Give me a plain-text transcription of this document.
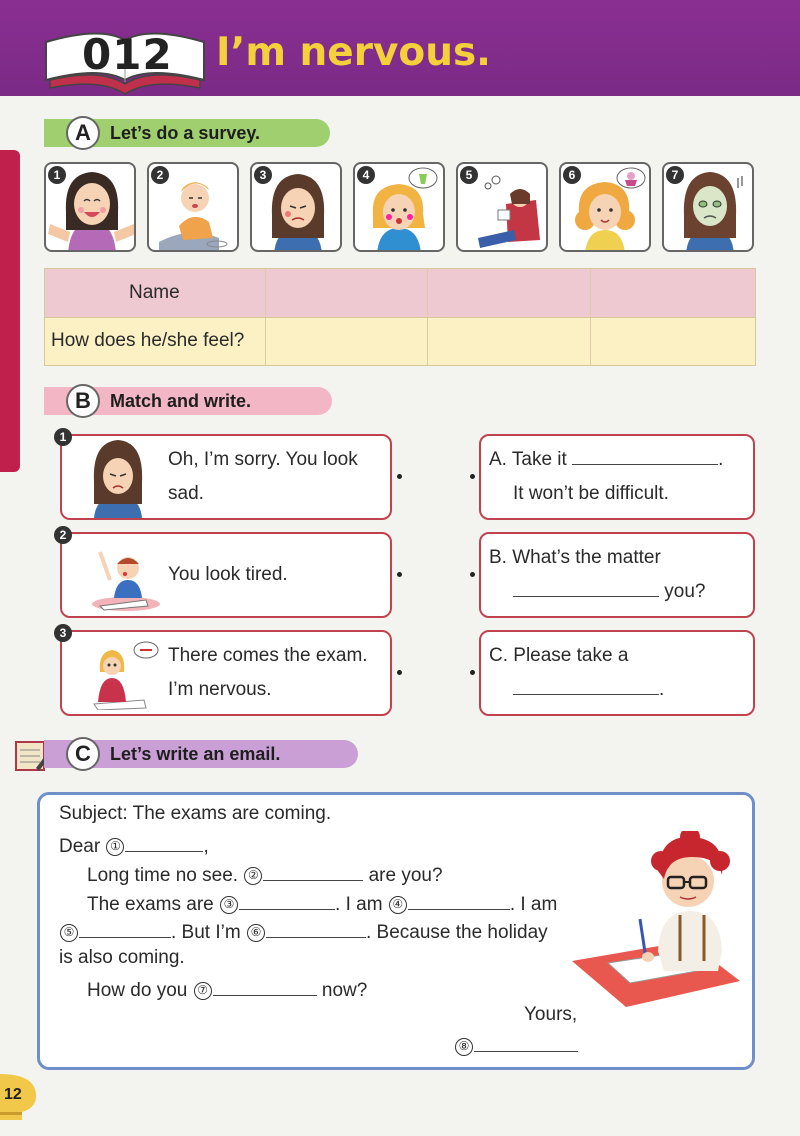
012 I’m nervous.
A	Let’s do a survey.
1	2	3	4	5	6	7
Name
How does he/she feel?
B	Match and write.
1
Oh, I’m sorry. You look
sad.
2
You look tired.
3
There comes the exam.
I’m nervous.
A. Take it	.
It won’t be difficult.
B. What’s the matter
you?
C. Please take a
.
C	Let’s write an email.
Subject: The exams are coming.
Dear ①	,
Long time no see. ②	are you?
The exams are ③	. I am ④	. I am
⑤	. But I’m ⑥	. Because the holiday
is also coming.
How do you ⑦	now?
Yours,
⑧
12
